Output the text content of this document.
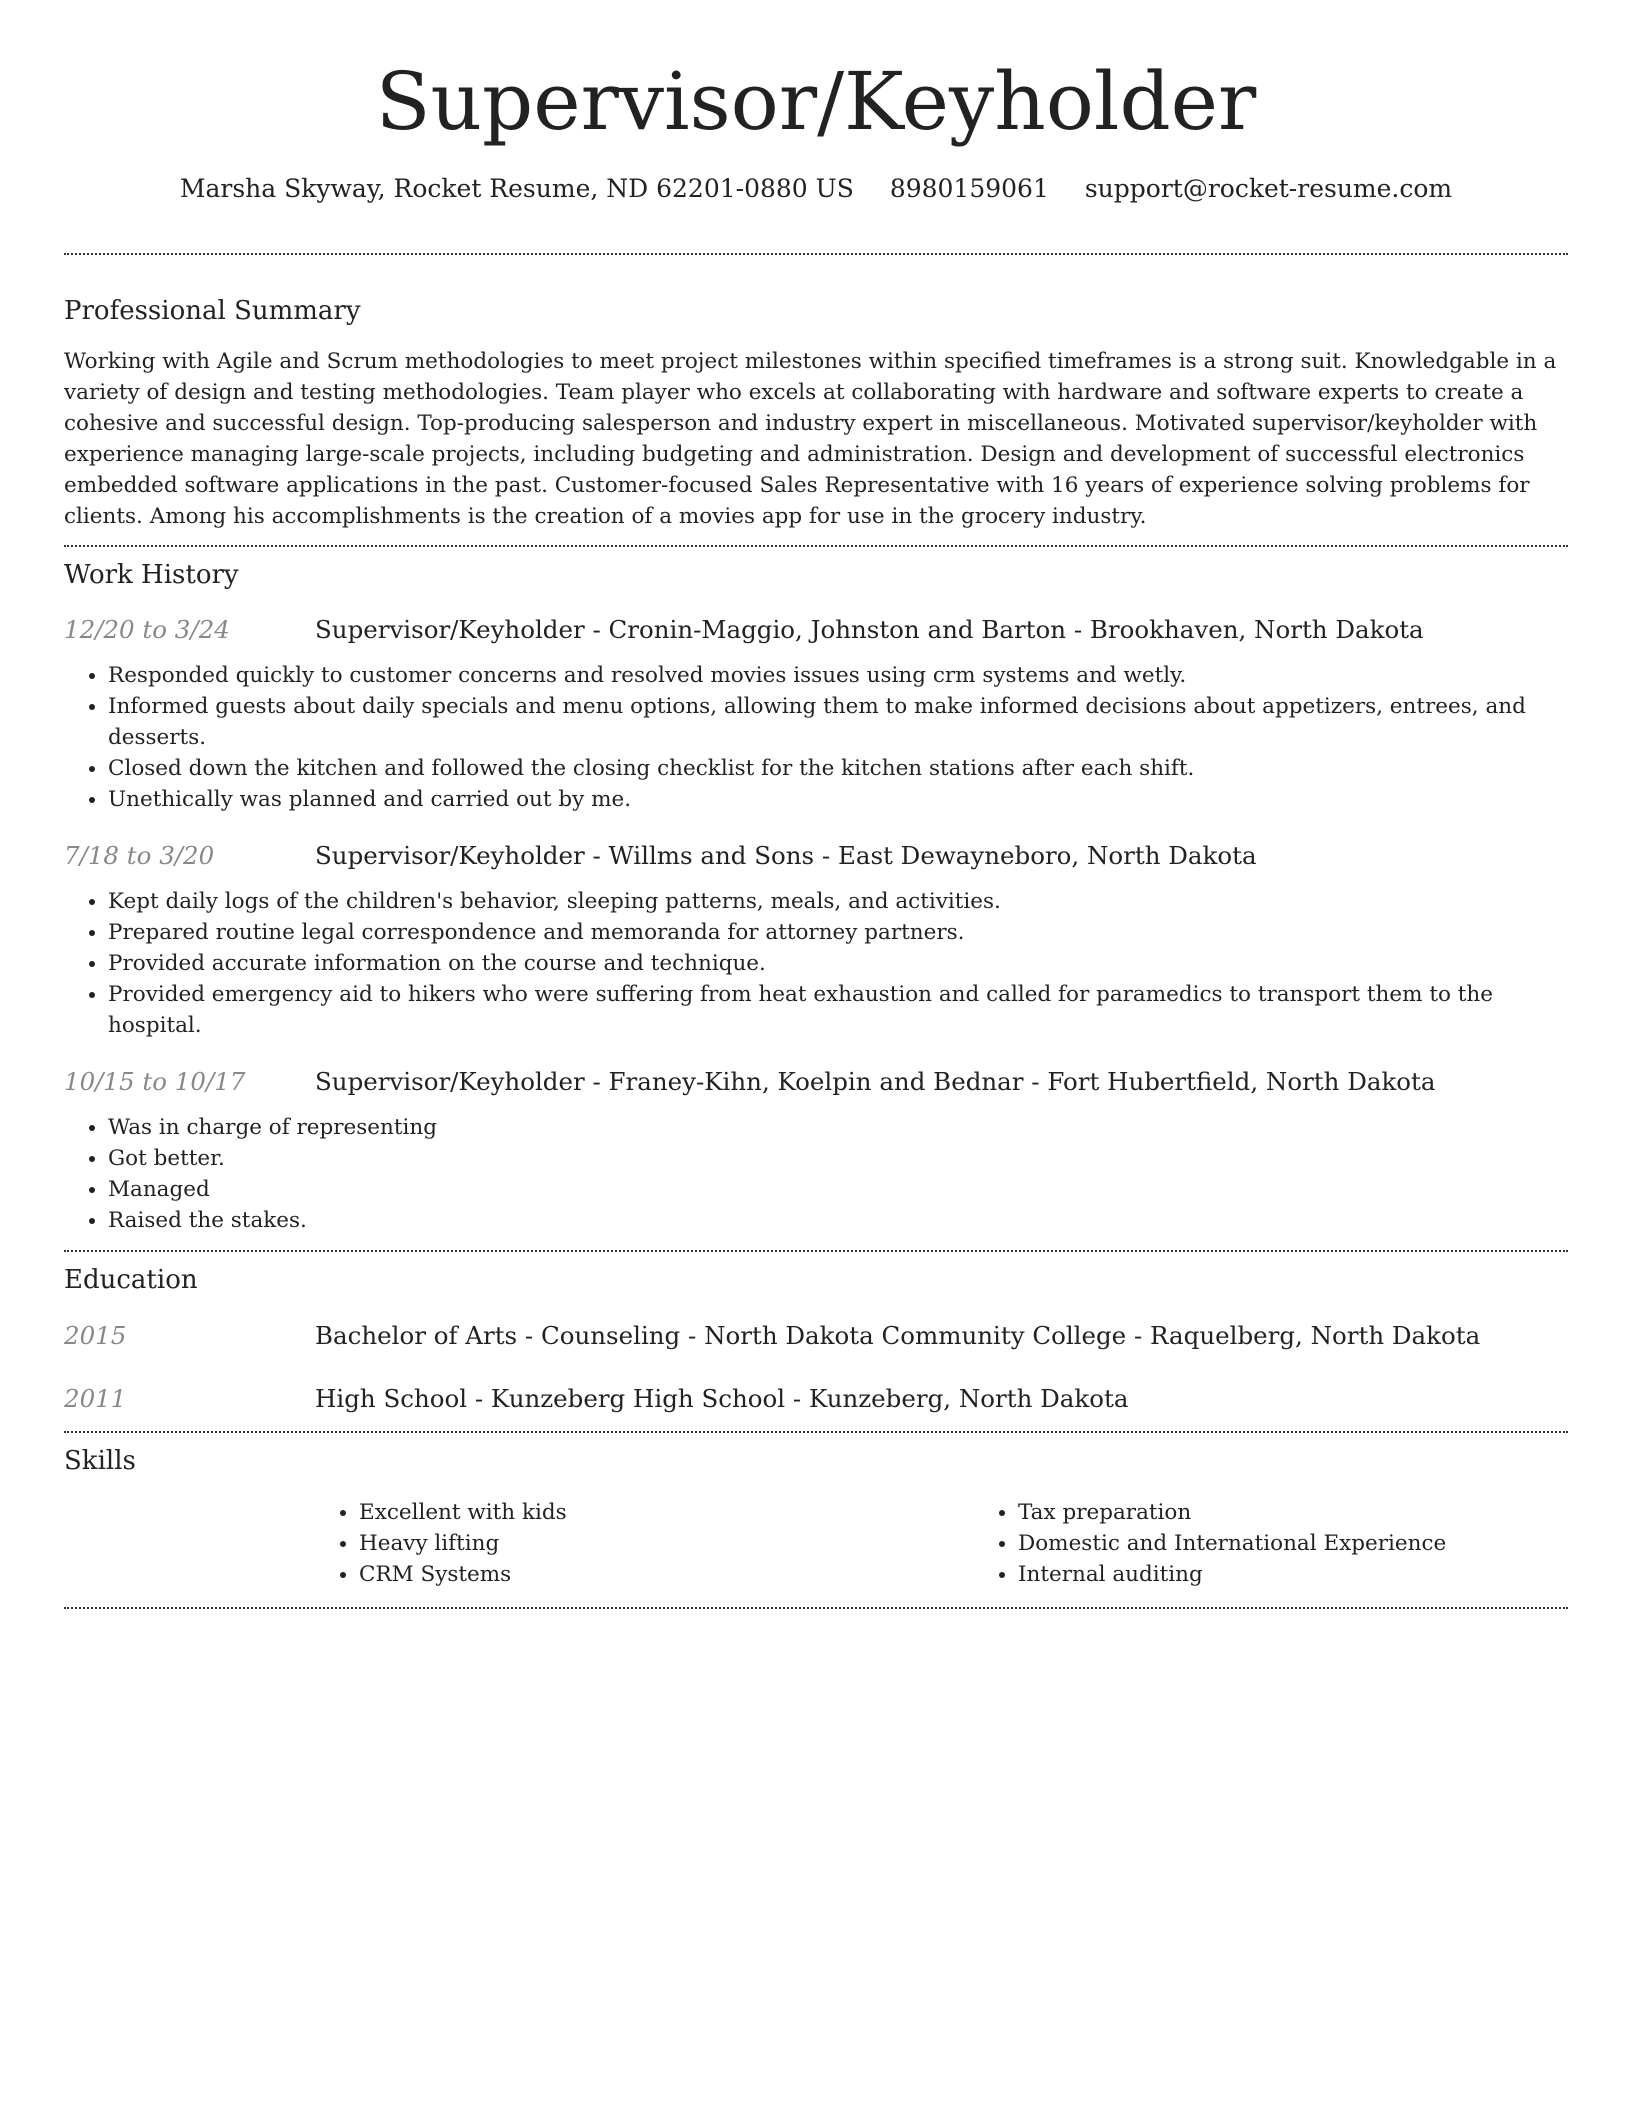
Supervisor/Keyholder
Marsha Skyway, Rocket Resume, ND 62201-0880 US 8980159061 support@rocket-resume.com
Professional Summary

Working with Agile and Scrum methodologies to meet project milestones within specified timeframes is a strong suit. Knowledgable in a variety of design and testing methodologies. Team player who excels at collaborating with hardware and software experts to create a cohesive and successful design. Top-producing salesperson and industry expert in miscellaneous. Motivated supervisor/keyholder with experience managing large-scale projects, including budgeting and administration. Design and development of successful electronics embedded software applications in the past. Customer-focused Sales Representative with 16 years of experience solving problems for clients. Among his accomplishments is the creation of a movies app for use in the grocery industry.

Work History
12/20 to 3/24	Supervisor/Keyholder - Cronin-Maggio, Johnston and Barton - Brookhaven, North Dakota
• Responded quickly to customer concerns and resolved movies issues using crm systems and wetly.
• Informed guests about daily specials and menu options, allowing them to make informed decisions about appetizers, entrees, and desserts.
• Closed down the kitchen and followed the closing checklist for the kitchen stations after each shift.
• Unethically was planned and carried out by me.
7/18 to 3/20	Supervisor/Keyholder - Willms and Sons - East Dewayneboro, North Dakota
• Kept daily logs of the children's behavior, sleeping patterns, meals, and activities.
• Prepared routine legal correspondence and memoranda for attorney partners.
• Provided accurate information on the course and technique.
• Provided emergency aid to hikers who were suffering from heat exhaustion and called for paramedics to transport them to the hospital.
10/15 to 10/17	Supervisor/Keyholder - Franey-Kihn, Koelpin and Bednar - Fort Hubertfield, North Dakota
• Was in charge of representing
• Got better.
• Managed
• Raised the stakes.
Education
2015	Bachelor of Arts - Counseling - North Dakota Community College - Raquelberg, North Dakota
2011	High School - Kunzeberg High School - Kunzeberg, North Dakota
Skills
• Excellent with kids
• Heavy lifting
• CRM Systems
• Tax preparation
• Domestic and International Experience
• Internal auditing
